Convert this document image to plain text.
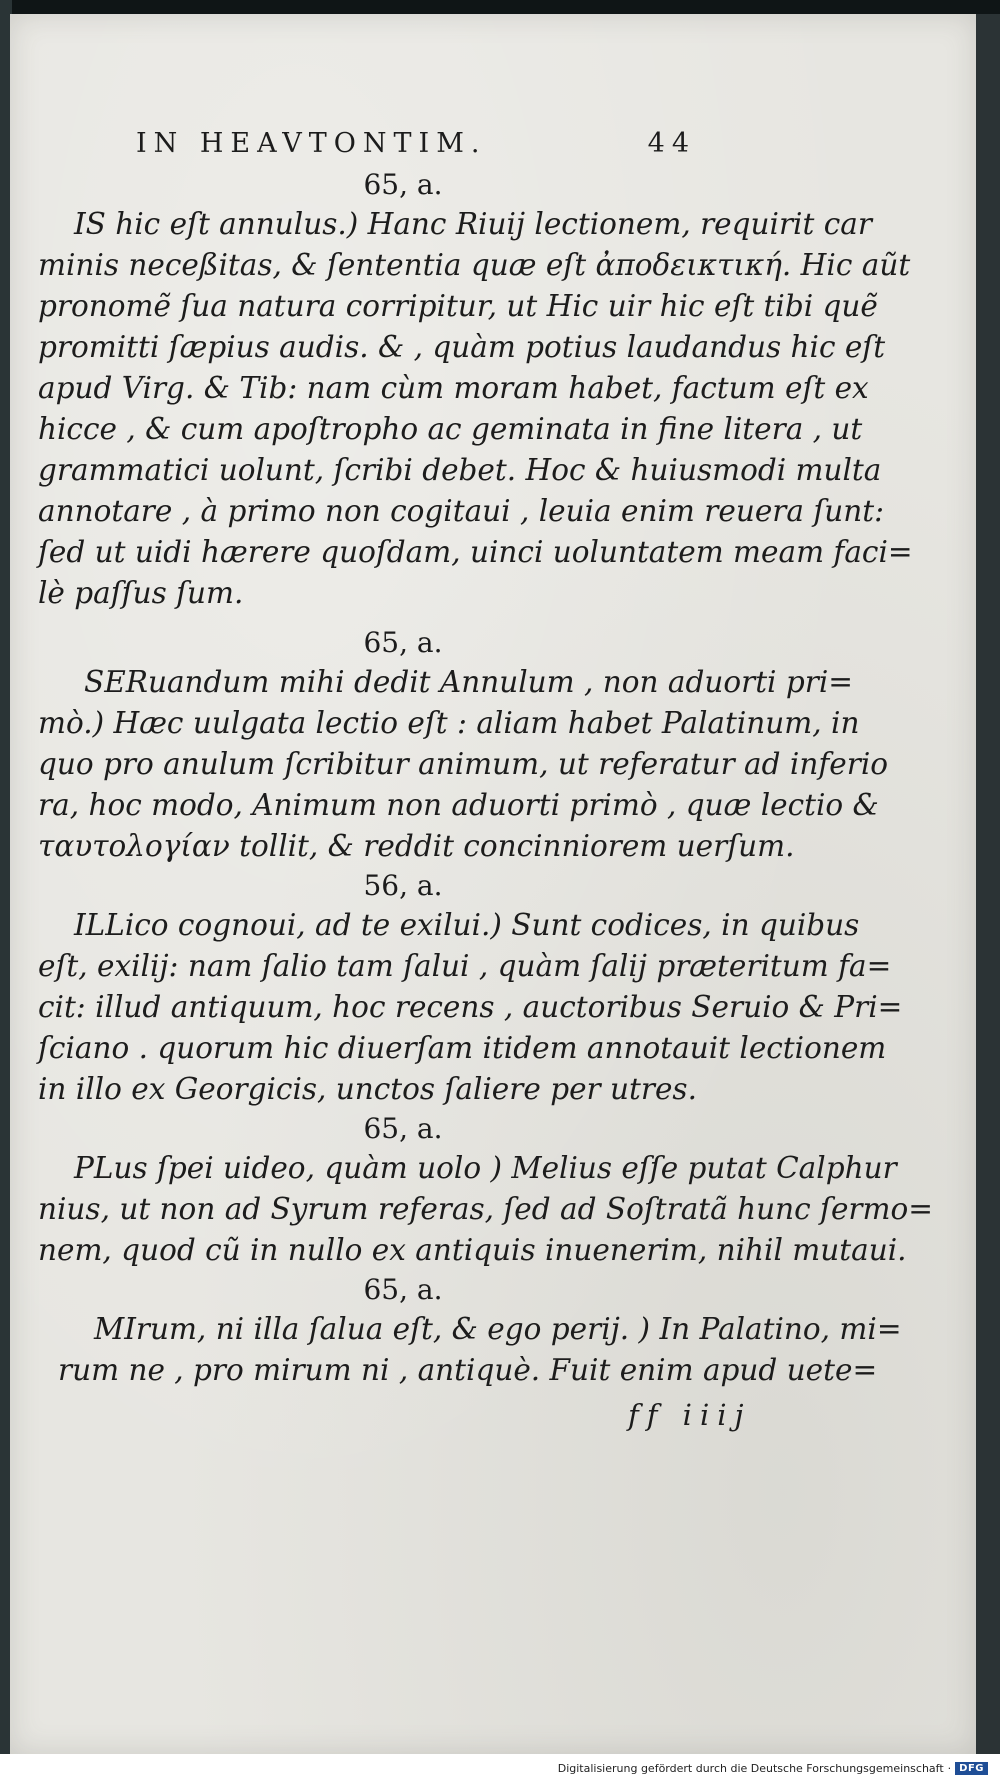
IN HEAVTONTIM.	44
65, a.
IS hic eſt annulus.) Hanc Riuij lectionem, requirit car
minis neceßitas, & ſententia quæ eſt ἀποδεικτική. Hic aũt
pronomẽ ſua natura corripitur, ut Hic uir hic eſt tibi quẽ
promitti ſæpius audis. & , quàm potius laudandus hic eſt
apud Virg. & Tib: nam cùm moram habet, factum eſt ex
hicce , & cum apoſtropho ac geminata in fine litera , ut
grammatici uolunt, ſcribi debet. Hoc & huiusmodi multa
annotare , à primo non cogitaui , leuia enim reuera ſunt:
ſed ut uidi hærere quoſdam, uinci uoluntatem meam faci=
lè paſſus ſum.
65, a.
SERuandum mihi dedit Annulum , non aduorti pri=
mò.) Hæc uulgata lectio eſt : aliam habet Palatinum, in
quo pro anulum ſcribitur animum, ut referatur ad inferio
ra, hoc modo, Animum non aduorti primò , quæ lectio &
ταυτολογίαν tollit, & reddit concinniorem uerſum.
56, a.
ILLico cognoui, ad te exilui.) Sunt codices, in quibus
eſt, exilij: nam ſalio tam ſalui , quàm ſalij præteritum fa=
cit: illud antiquum, hoc recens , auctoribus Seruio & Pri=
ſciano . quorum hic diuerſam itidem annotauit lectionem
in illo ex Georgicis, unctos ſaliere per utres.
65, a.
PLus ſpei uideo, quàm uolo ) Melius eſſe putat Calphur
nius, ut non ad Syrum referas, ſed ad Soſtratã hunc ſermo=
nem, quod cũ in nullo ex antiquis inuenerim, nihil mutaui.
65, a.
MIrum, ni illa ſalua eſt, & ego perij. ) In Palatino, mi=
rum ne , pro mirum ni , antiquè. Fuit enim apud uete=
ff iiij
Digitalisierung gefördert durch die Deutsche Forschungsgemeinschaft · DFG
